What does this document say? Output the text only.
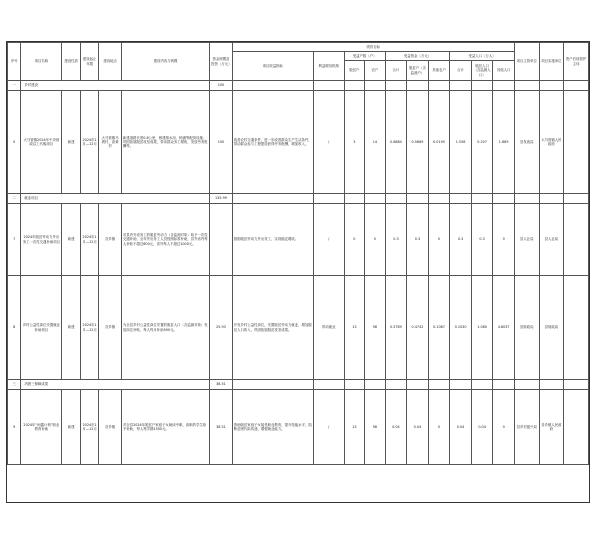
序号	项目名称	建设性质	建设起止年限	建设地点	建设内容与规模	资金规模及投资（万元）	绩效目标										项目主管单位	项目实施单位	资产后续管护主体
							项目收益指标	利益联结机制	受益户数（户）		受益资金（万元）			受益人口（万人）					
									脱贫户	农户	合计	脱贫户（含监测户）	其他农户	合计	脱贫人口（含监测人口）	其他人口			
一	乡村建设					100													
0	大马管镇2024年中央财政以工代赈项目	新建	2024年1月—12月	大马管镇马坡村、高黄村	新建道路长度0.8公里，修建排水沟、桥涵等配套设施；巩固拓展脱贫攻坚成果，带动群众务工增收，发放劳务报酬等。	100	改善农村交通条件，进一步改善群众生产生活条件，带动群众参与工程建设获得劳务报酬，增加收入。	/	3	14	0.6884	0.5689	0.0195	1.558	0.207	1.689	县发改局	大马管镇人民政府	
二	就业项目					135.99													
7	2024年脱贫劳动力外出务工一次性交通补助项目	新建	2024年1月—12月	各乡镇	对县内外省务工的脱贫劳动力（含监测对象）给予一次性交通补助，全年外出务工人员按照标准补助，县外省内每人补贴不超过600元，省外每人不超过1000元。		鼓励脱贫劳动力外出务工，实现稳定增收。	/	0	0	0.3	0.3	0	0.3	0.3	0	县人社局	县人社局	
8	乡村公益性岗位安置就业补助项目	新建	2024年1月—12月	各乡镇	为全县乡村公益性岗位安置的脱贫人口（含监测对象）发放岗位补贴，每人每月补助500元。	25.93	开发乡村公益性岗位，安置脱贫劳动力就业，增加脱贫人口收入，巩固拓展脱贫攻坚成果。	带动就业	13	98	0.5789	0.4742	0.1087	0.1030	1.080	4.8037	县财政局	县财政局	
三	巩固三保障成果					38.51													
9	2024年“雨露计划”职业教育补助	新建	2024年1月—12月	各乡镇	对全县2024年脱贫户家庭子女就读中职、高职的学生给予补助，每人每学期1500元。	38.51	资助脱贫家庭子女接受职业教育，提升技能水平，阻断贫困代际传递，增强就业能力。	/	13	98	0.04	0.04	0	0.04	0.04	0	县乡村振兴局	各乡镇人民政府	
